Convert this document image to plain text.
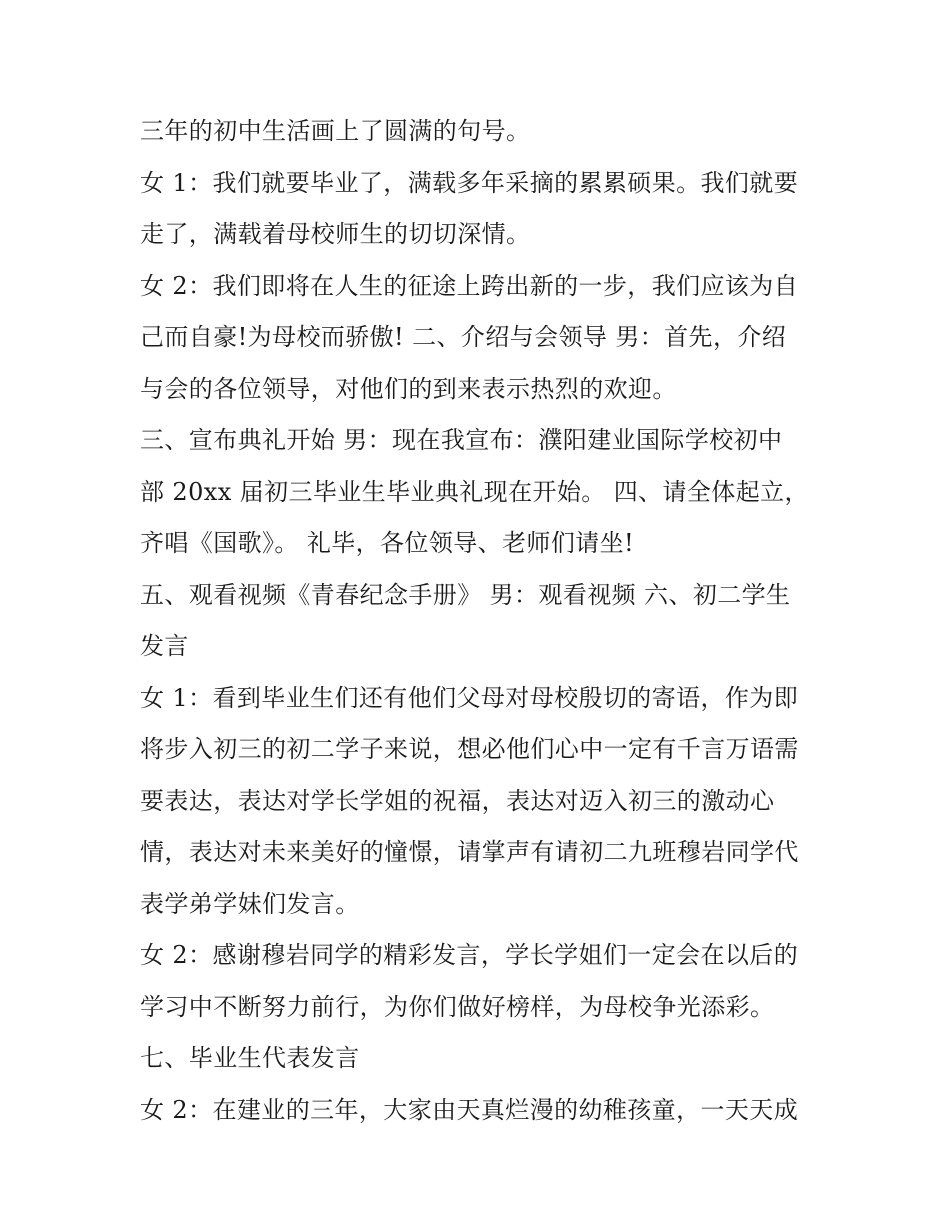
三年的初中生活画上了圆满的句号。
女 1：我们就要毕业了，满载多年采摘的累累硕果。我们就要
走了，满载着母校师生的切切深情。
女 2：我们即将在人生的征途上跨出新的一步，我们应该为自
己而自豪!为母校而骄傲! 二、介绍与会领导 男：首先，介绍
与会的各位领导，对他们的到来表示热烈的欢迎。
三、宣布典礼开始 男：现在我宣布：濮阳建业国际学校初中
部 20xx 届初三毕业生毕业典礼现在开始。 四、请全体起立，
齐唱《国歌》。 礼毕，各位领导、老师们请坐!
五、观看视频《青春纪念手册》 男：观看视频 六、初二学生
发言
女 1：看到毕业生们还有他们父母对母校殷切的寄语，作为即
将步入初三的初二学子来说，想必他们心中一定有千言万语需
要表达，表达对学长学姐的祝福，表达对迈入初三的激动心
情，表达对未来美好的憧憬，请掌声有请初二九班穆岩同学代
表学弟学妹们发言。
女 2：感谢穆岩同学的精彩发言，学长学姐们一定会在以后的
学习中不断努力前行，为你们做好榜样，为母校争光添彩。
七、毕业生代表发言
女 2：在建业的三年，大家由天真烂漫的幼稚孩童，一天天成
